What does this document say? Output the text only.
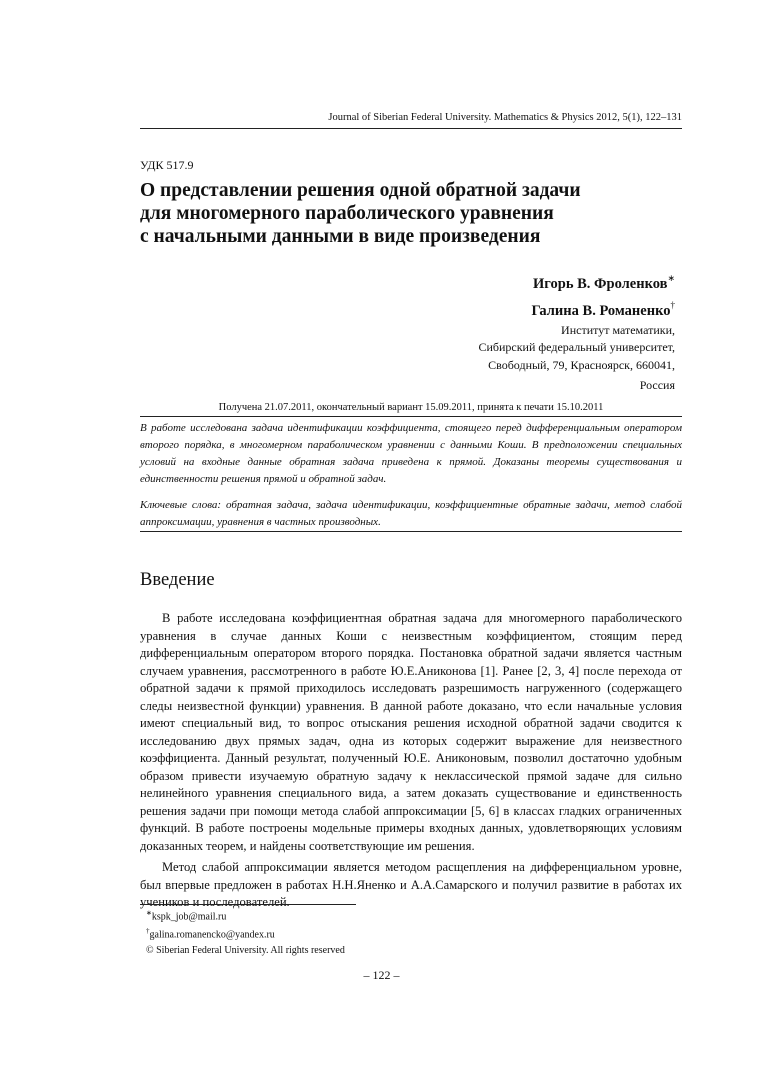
Journal of Siberian Federal University. Mathematics & Physics 2012, 5(1), 122–131
УДК 517.9
О представлении решения одной обратной задачи
для многомерного параболического уравнения
с начальными данными в виде произведения
Игорь В. Фроленков∗
Галина В. Романенко†
Институт математики,
Сибирский федеральный университет,
Свободный, 79, Красноярск, 660041,
Россия
Получена 21.07.2011, окончательный вариант 15.09.2011, принята к печати 15.10.2011
В работе исследована задача идентификации коэффициента, стоящего перед дифференциальным оператором второго порядка, в многомерном параболическом уравнении с данными Коши. В предположении специальных условий на входные данные обратная задача приведена к прямой. Доказаны теоремы существования и единственности решения прямой и обратной задач.
Ключевые слова: обратная задача, задача идентификации, коэффициентные обратные задачи, метод слабой аппроксимации, уравнения в частных производных.
Введение

В работе исследована коэффициентная обратная задача для многомерного параболического уравнения в случае данных Коши с неизвестным коэффициентом, стоящим перед дифференциальным оператором второго порядка. Постановка обратной задачи является частным случаем уравнения, рассмотренного в работе Ю.Е.Аниконова [1]. Ранее [2, 3, 4] после перехода от обратной задачи к прямой приходилось исследовать разрешимость нагруженного (содержащего следы неизвестной функции) уравнения. В данной работе доказано, что если начальные условия имеют специальный вид, то вопрос отыскания решения исходной обратной задачи сводится к исследованию двух прямых задач, одна из которых содержит выражение для неизвестного коэффициента. Данный результат, полученный Ю.Е. Аниконовым, позволил достаточно удобным образом привести изучаемую обратную задачу к неклассической прямой задаче для сильно нелинейного уравнения специального вида, а затем доказать существование и единственность решения задачи при помощи метода слабой аппроксимации [5, 6] в классах гладких ограниченных функций. В работе построены модельные примеры входных данных, удовлетворяющих условиям доказанных теорем, и найдены соответствующие им решения.

Метод слабой аппроксимации является методом расщепления на дифференциальном уровне, был впервые предложен в работах Н.Н.Яненко и А.А.Самарского и получил развитие в работах их учеников и последователей.

∗kspk_job@mail.ru
†galina.romanencko@yandex.ru
© Siberian Federal University. All rights reserved
– 122 –
